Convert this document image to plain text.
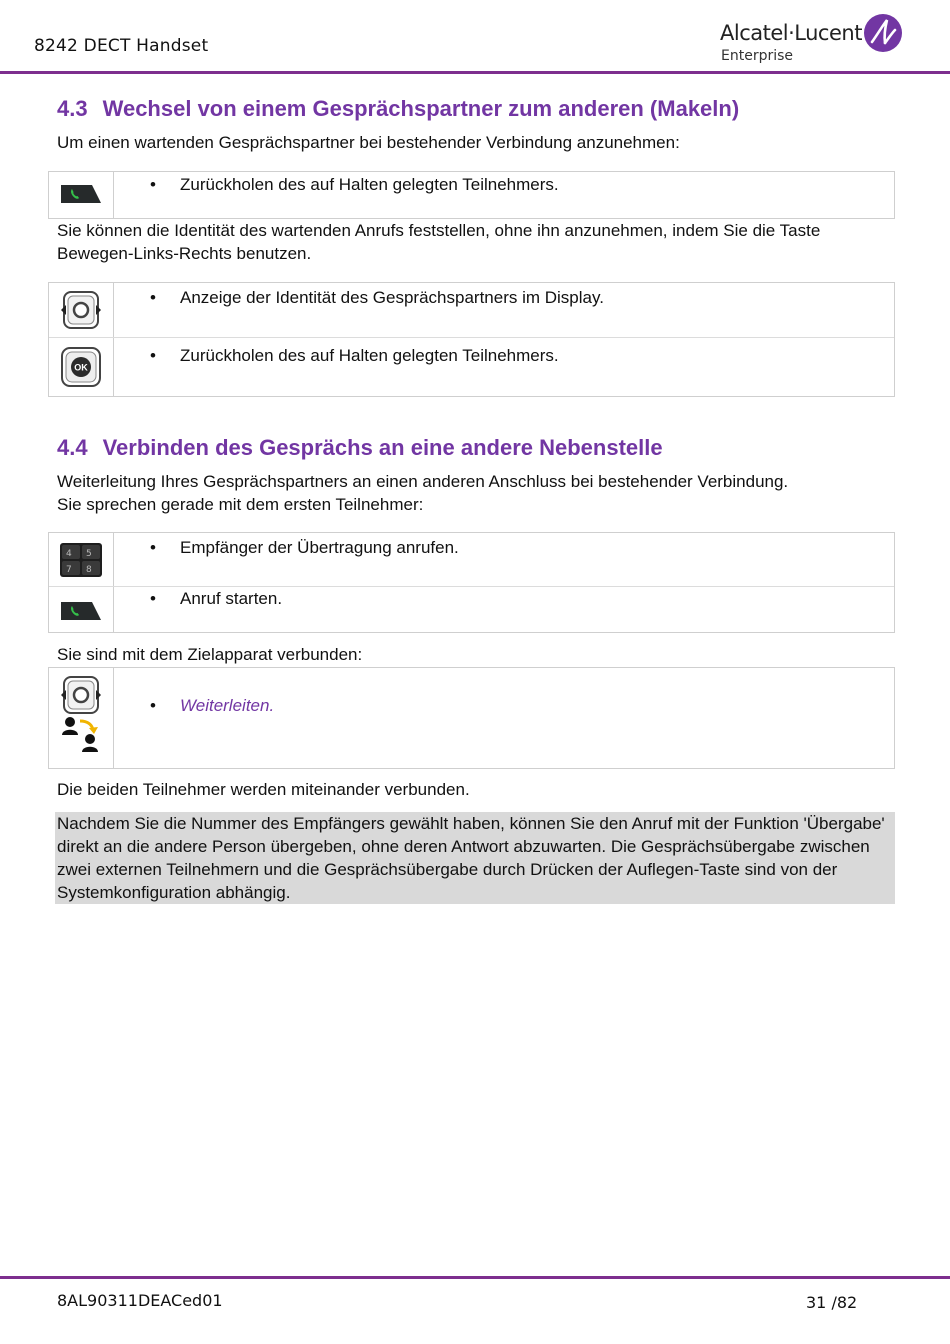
8242 DECT Handset
Alcatel·Lucent
Enterprise
4.3 Wechsel von einem Gesprächspartner zum anderen (Makeln)

Um einen wartenden Gesprächspartner bei bestehender Verbindung anzunehmen:

• Zurückholen des auf Halten gelegten Teilnehmers.

Sie können die Identität des wartenden Anrufs feststellen, ohne ihn anzunehmen, indem Sie die Taste Bewegen-Links-Rechts benutzen.

• Anzeige der Identität des Gesprächspartners im Display.
OK
• Zurückholen des auf Halten gelegten Teilnehmers.
4.4 Verbinden des Gesprächs an eine andere Nebenstelle

Weiterleitung Ihres Gesprächspartners an einen anderen Anschluss bei bestehender Verbindung.

Sie sprechen gerade mit dem ersten Teilnehmer:

4 5
7 8
• Empfänger der Übertragung anrufen.
• Anruf starten.

Sie sind mit dem Zielapparat verbunden:

• Weiterleiten.

Die beiden Teilnehmer werden miteinander verbunden.

Nachdem Sie die Nummer des Empfängers gewählt haben, können Sie den Anruf mit der Funktion 'Übergabe' direkt an die andere Person übergeben, ohne deren Antwort abzuwarten. Die Gesprächsübergabe zwischen zwei externen Teilnehmern und die Gesprächsübergabe durch Drücken der Auflegen-Taste sind von der Systemkonfiguration abhängig.

8AL90311DEACed01	31 /82
